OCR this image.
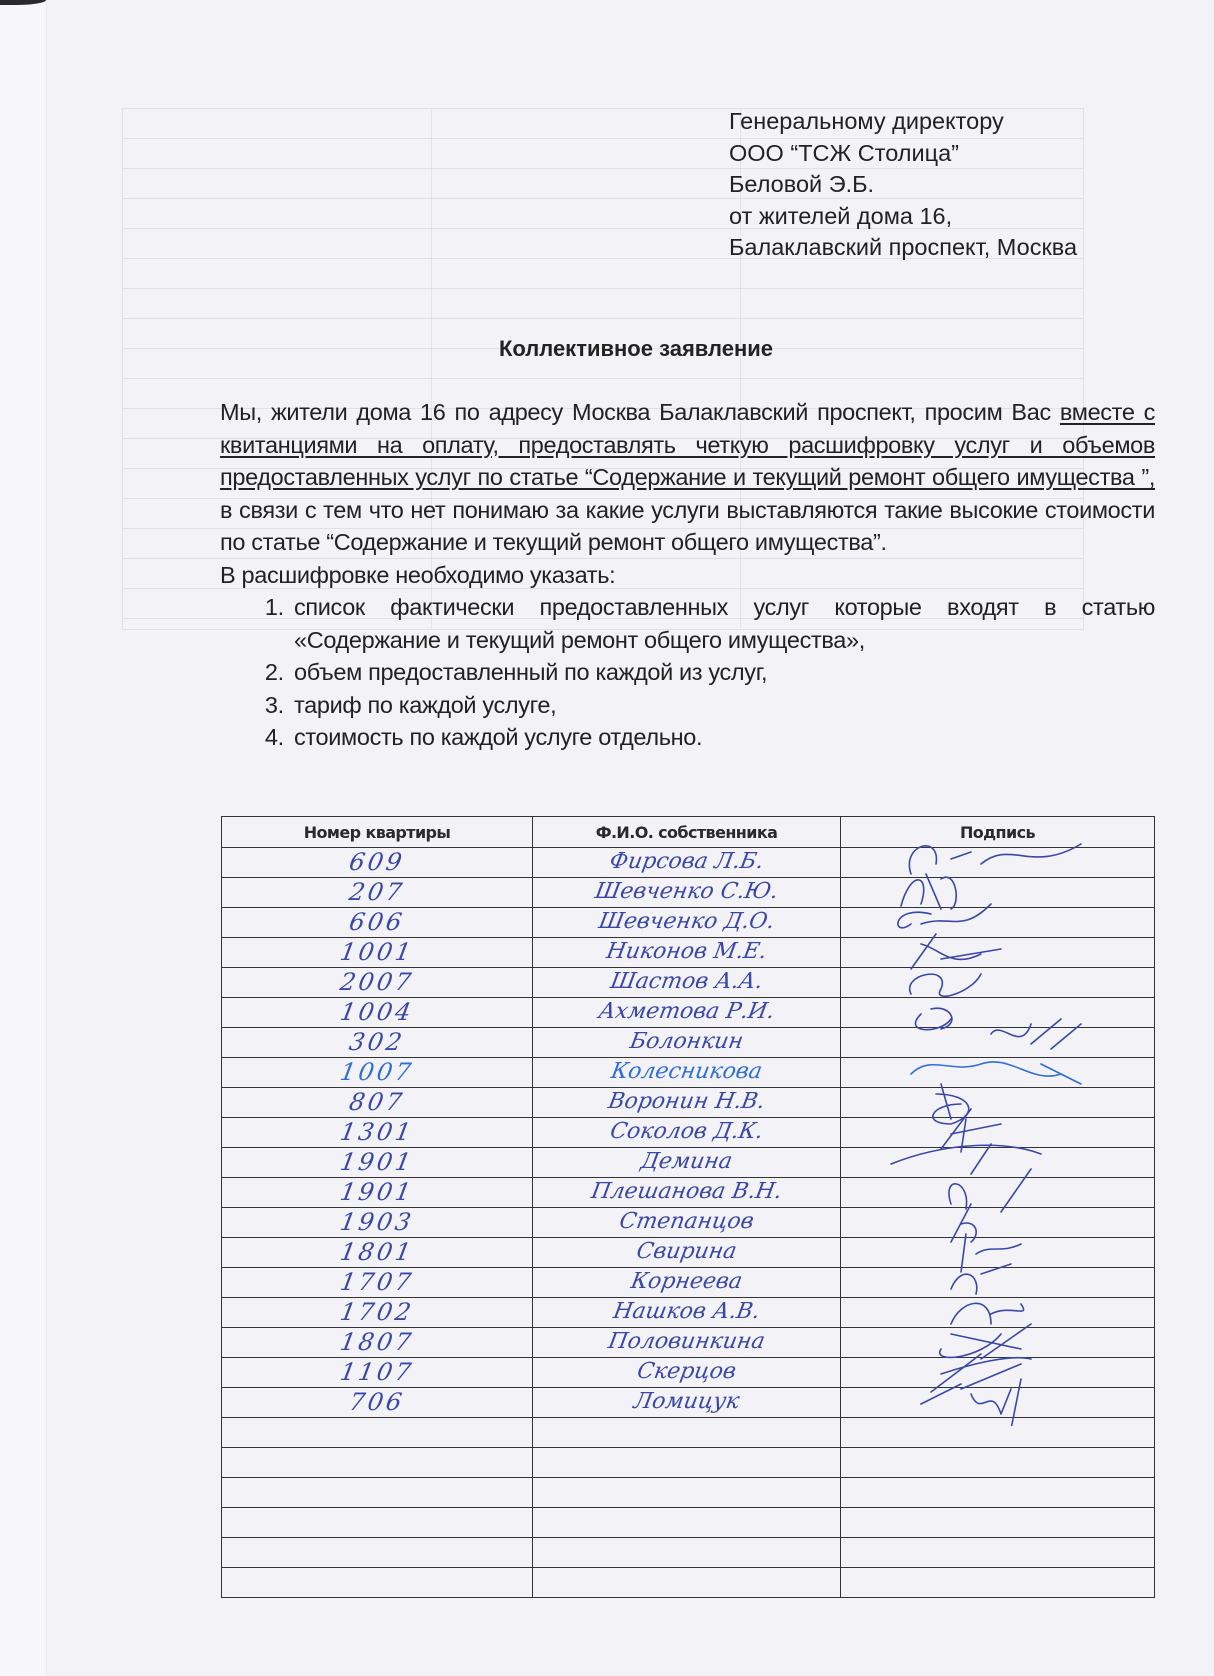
Генеральному директору
ООО “ТСЖ Столица”
Беловой Э.Б.
от жителей дома 16,
Балаклавский проспект, Москва
Коллективное заявление

Мы, жители дома 16 по адресу Москва Балаклавский проспект, просим Вас вместе с квитанциями на оплату, предоставлять четкую расшифровку услуг и объемов предоставленных услуг по статье “Содержание и текущий ремонт общего имущества ”, в связи с тем что нет понимаю за какие услуги выставляются такие высокие стоимости по статье “Содержание и текущий ремонт общего имущества”.

В расшифровке необходимо указать:

1. список фактически предоставленных услуг которые входят в статью «Содержание и текущий ремонт общего имущества»,
2. объем предоставленный по каждой из услуг,
3. тариф по каждой услуге,
4. стоимость по каждой услуге отдельно.
Номер квартиры	Ф.И.О. собственника	Подпись

609	Фирсова Л.Б.

207	Шевченко С.Ю.

606	Шевченко Д.О.

1001	Никонов М.Е.

2007	Шастов А.А.

1004	Ахметова Р.И.

302	Болонкин

1007	Колесникова

807	Воронин Н.В.

1301	Соколов Д.К.

1901	Демина

1901	Плешанова В.Н.

1903	Степанцов

1801	Свирина

1707	Корнеева

1702	Нашков А.В.

1807	Половинкина

1107	Скерцов

706	Ломицук
